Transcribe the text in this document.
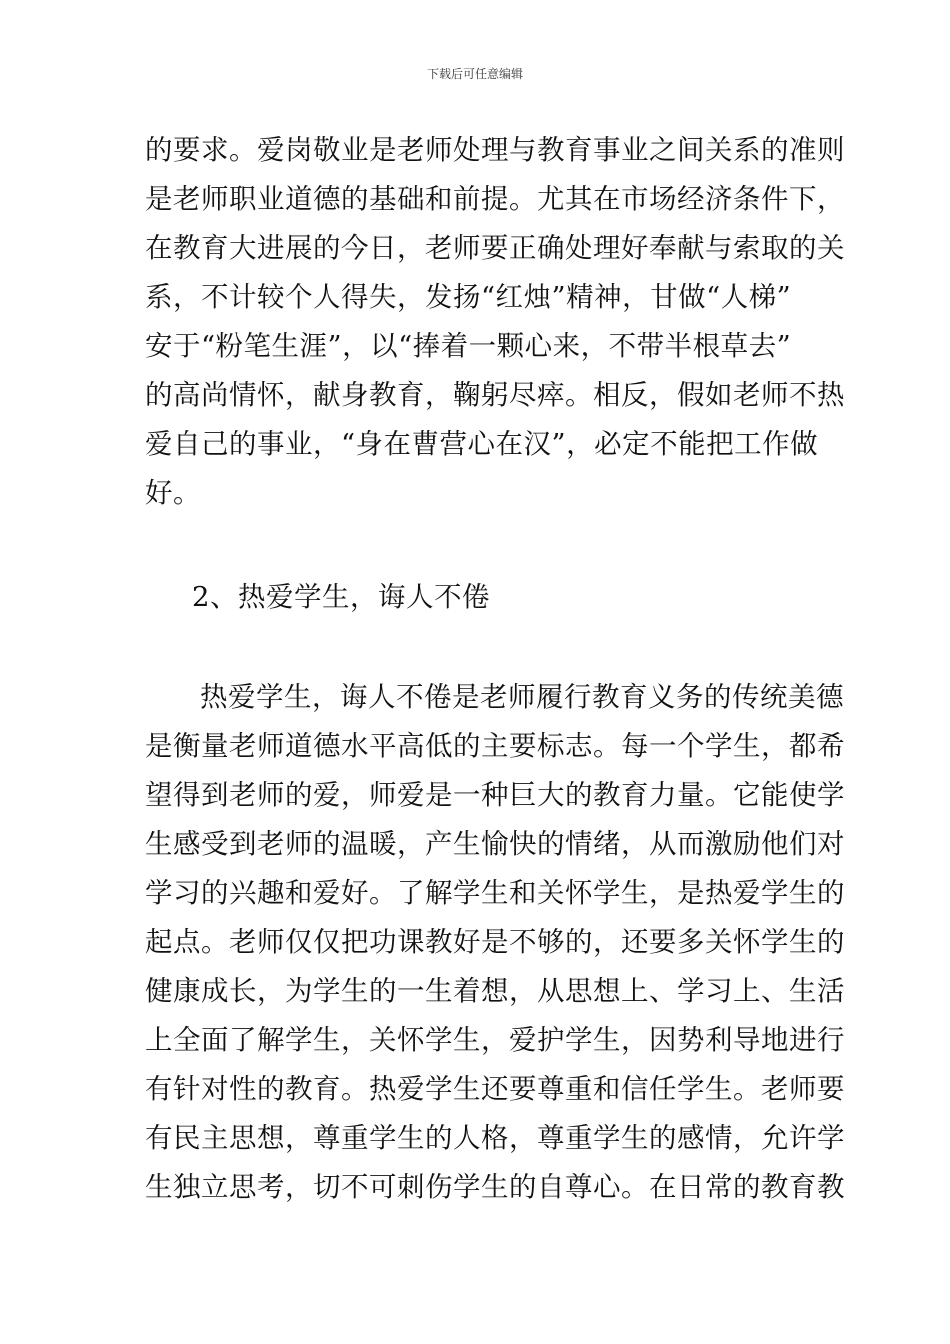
下载后可任意编辑
的要求。爱岗敬业是老师处理与教育事业之间关系的准则
是老师职业道德的基础和前提。尤其在市场经济条件下，
在教育大进展的今日，老师要正确处理好奉献与索取的关
系，不计较个人得失，发扬“红烛”精神，甘做“人梯”
安于“粉笔生涯”，以“捧着一颗心来，不带半根草去”
的高尚情怀，献身教育，鞠躬尽瘁。相反，假如老师不热
爱自己的事业，“身在曹营心在汉”，必定不能把工作做
好。
2、热爱学生，诲人不倦
热爱学生，诲人不倦是老师履行教育义务的传统美德
是衡量老师道德水平高低的主要标志。每一个学生，都希
望得到老师的爱，师爱是一种巨大的教育力量。它能使学
生感受到老师的温暖，产生愉快的情绪，从而激励他们对
学习的兴趣和爱好。了解学生和关怀学生，是热爱学生的
起点。老师仅仅把功课教好是不够的，还要多关怀学生的
健康成长，为学生的一生着想，从思想上、学习上、生活
上全面了解学生，关怀学生，爱护学生，因势利导地进行
有针对性的教育。热爱学生还要尊重和信任学生。老师要
有民主思想，尊重学生的人格，尊重学生的感情，允许学
生独立思考，切不可刺伤学生的自尊心。在日常的教育教
